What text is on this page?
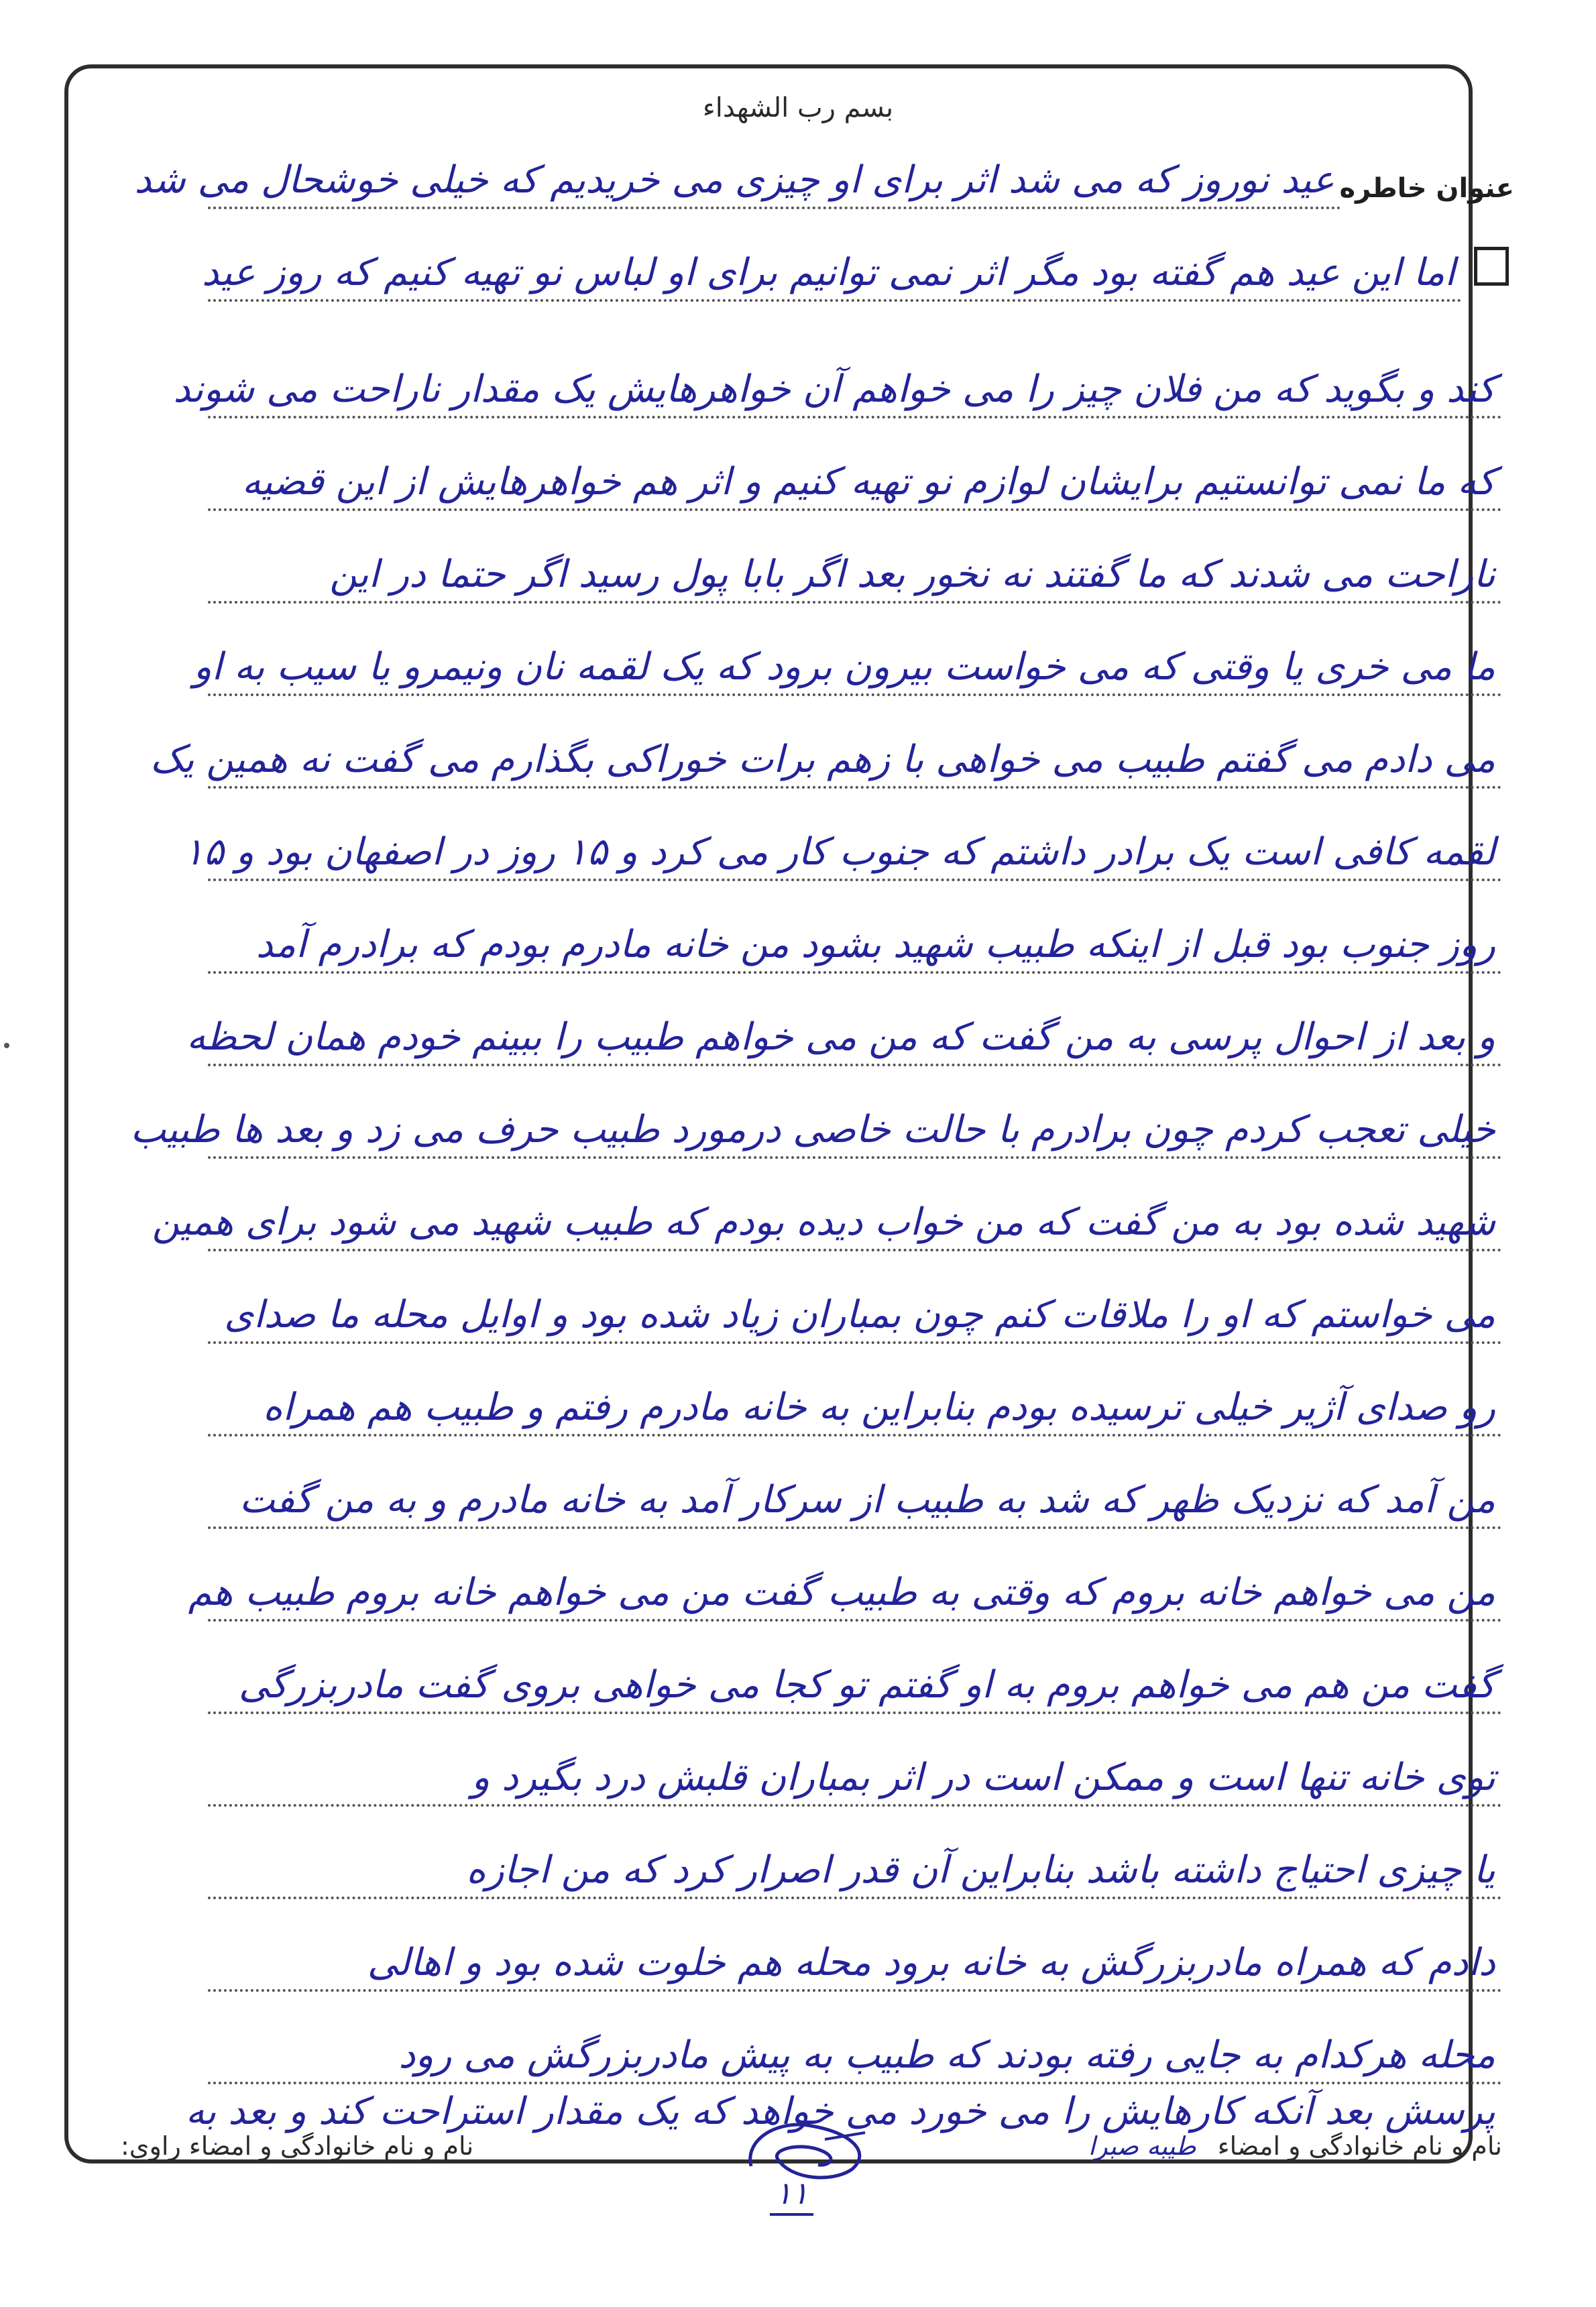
بسم رب الشهداء
عنوان خاطره
عید نوروز که می شد اثر برای او چیزی می خریدیم که خیلی خوشحال می شد
اما این عید هم گفته بود مگر اثر نمی توانیم برای او لباس نو تهیه کنیم که روز عید
کند و بگوید که من فلان چیز را می خواهم آن خواهرهایش یک مقدار ناراحت می شوند
که ما نمی توانستیم برایشان لوازم نو تهیه کنیم و اثر هم خواهرهایش از این قضیه
ناراحت می شدند که ما گفتند نه نخور بعد اگر بابا پول رسید اگر حتما در این
ما می خری یا وقتی که می خواست بیرون برود که یک لقمه نان ونیمرو یا سیب به او
می دادم می گفتم طبیب می خواهی با زهم برات خوراکی بگذارم می گفت نه همین یک
لقمه کافی است یک برادر داشتم که جنوب کار می کرد و ۱۵ روز در اصفهان بود و ۱۵
روز جنوب بود قبل از اینکه طبیب شهید بشود من خانه مادرم بودم که برادرم آمد
و بعد از احوال پرسی به من گفت که من می خواهم طبیب را ببینم خودم همان لحظه
خیلی تعجب کردم چون برادرم با حالت خاصی درمورد طبیب حرف می زد و بعد ها طبیب
شهید شده بود به من گفت که من خواب دیده بودم که طبیب شهید می شود برای همین
می خواستم که او را ملاقات کنم چون بمباران زیاد شده بود و اوایل محله ما صدای
رو صدای آژیر خیلی ترسیده بودم بنابراین به خانه مادرم رفتم و طبیب هم همراه
من آمد که نزدیک ظهر که شد به طبیب از سرکار آمد به خانه مادرم و به من گفت
من می خواهم خانه بروم که وقتی به طبیب گفت من می خواهم خانه بروم طبیب هم
گفت من هم می خواهم بروم به او گفتم تو کجا می خواهی بروی گفت مادربزرگی
توی خانه تنها است و ممکن است در اثر بمباران قلبش درد بگیرد و
یا چیزی احتیاج داشته باشد بنابراین آن قدر اصرار کرد که من اجازه
دادم که همراه مادربزرگش به خانه برود محله هم خلوت شده بود و اهالی
محله هرکدام به جایی رفته بودند که طبیب به پیش مادربزرگش می رود
پرسش بعد آنکه کارهایش را می خورد می خواهد که یک مقدار استراحت کند و بعد به
نام و نام خانوادگی و امضاء طیبه صبرا
نام و نام خانوادگی و امضاء راوی:
۱۱
